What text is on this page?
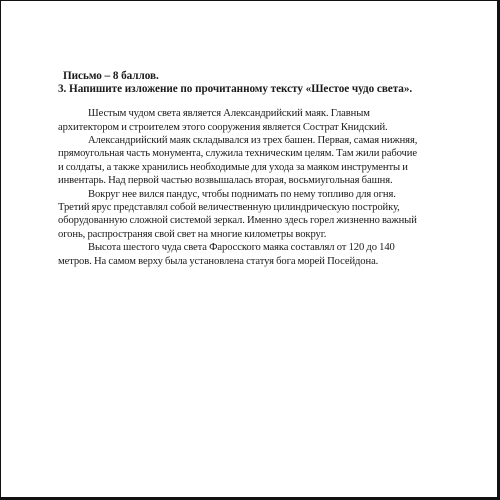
Письмо – 8 баллов.

3. Напишите изложение по прочитанному тексту «Шестое чудо света».

Шестым чудом света является Александрийский маяк. Главным
архитектором и строителем этого сооружения является Сострат Книдский.

Александрийский маяк складывался из трех башен. Первая, самая нижняя,
прямоугольная часть монумента, служила техническим целям. Там жили рабочие
и солдаты, а также хранились необходимые для ухода за маяком инструменты и
инвентарь. Над первой частью возвышалась вторая, восьмиугольная башня.

Вокруг нее вился пандус, чтобы поднимать по нему топливо для огня.
Третий ярус представлял собой величественную цилиндрическую постройку,
оборудованную сложной системой зеркал. Именно здесь горел жизненно важный
огонь, распространяя свой свет на многие километры вокруг.

Высота шестого чуда света Фаросского маяка составлял от 120 до 140
метров. На самом верху была установлена статуя бога морей Посейдона.
